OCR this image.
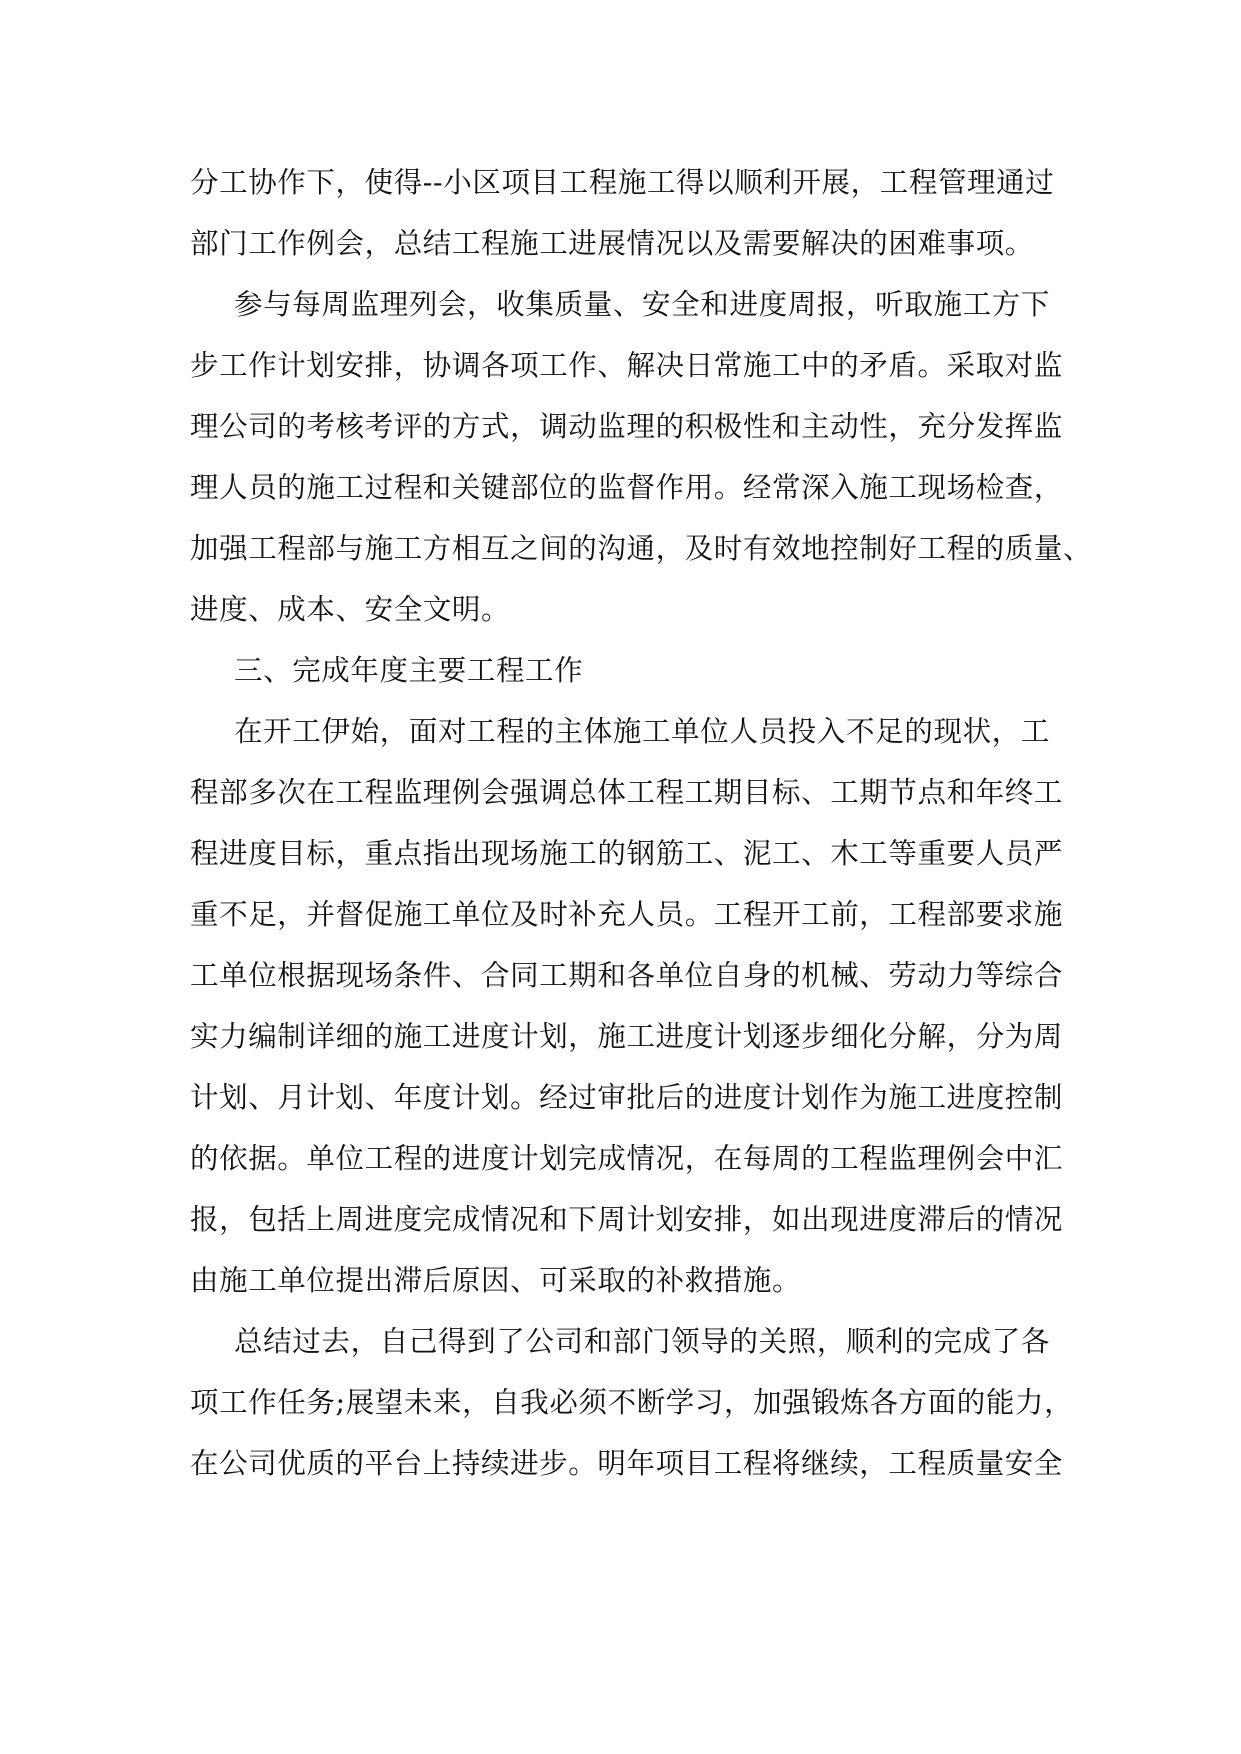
分工协作下，使得--小区项目工程施工得以顺利开展，工程管理通过
部门工作例会，总结工程施工进展情况以及需要解决的困难事项。
参与每周监理列会，收集质量、安全和进度周报，听取施工方下
步工作计划安排，协调各项工作、解决日常施工中的矛盾。采取对监
理公司的考核考评的方式，调动监理的积极性和主动性，充分发挥监
理人员的施工过程和关键部位的监督作用。经常深入施工现场检查，
加强工程部与施工方相互之间的沟通，及时有效地控制好工程的质量、
进度、成本、安全文明。
三、完成年度主要工程工作
在开工伊始，面对工程的主体施工单位人员投入不足的现状，工
程部多次在工程监理例会强调总体工程工期目标、工期节点和年终工
程进度目标，重点指出现场施工的钢筋工、泥工、木工等重要人员严
重不足，并督促施工单位及时补充人员。工程开工前，工程部要求施
工单位根据现场条件、合同工期和各单位自身的机械、劳动力等综合
实力编制详细的施工进度计划，施工进度计划逐步细化分解，分为周
计划、月计划、年度计划。经过审批后的进度计划作为施工进度控制
的依据。单位工程的进度计划完成情况，在每周的工程监理例会中汇
报，包括上周进度完成情况和下周计划安排，如出现进度滞后的情况
由施工单位提出滞后原因、可采取的补救措施。
总结过去，自己得到了公司和部门领导的关照，顺利的完成了各
项工作任务;展望未来，自我必须不断学习，加强锻炼各方面的能力，
在公司优质的平台上持续进步。明年项目工程将继续，工程质量安全
